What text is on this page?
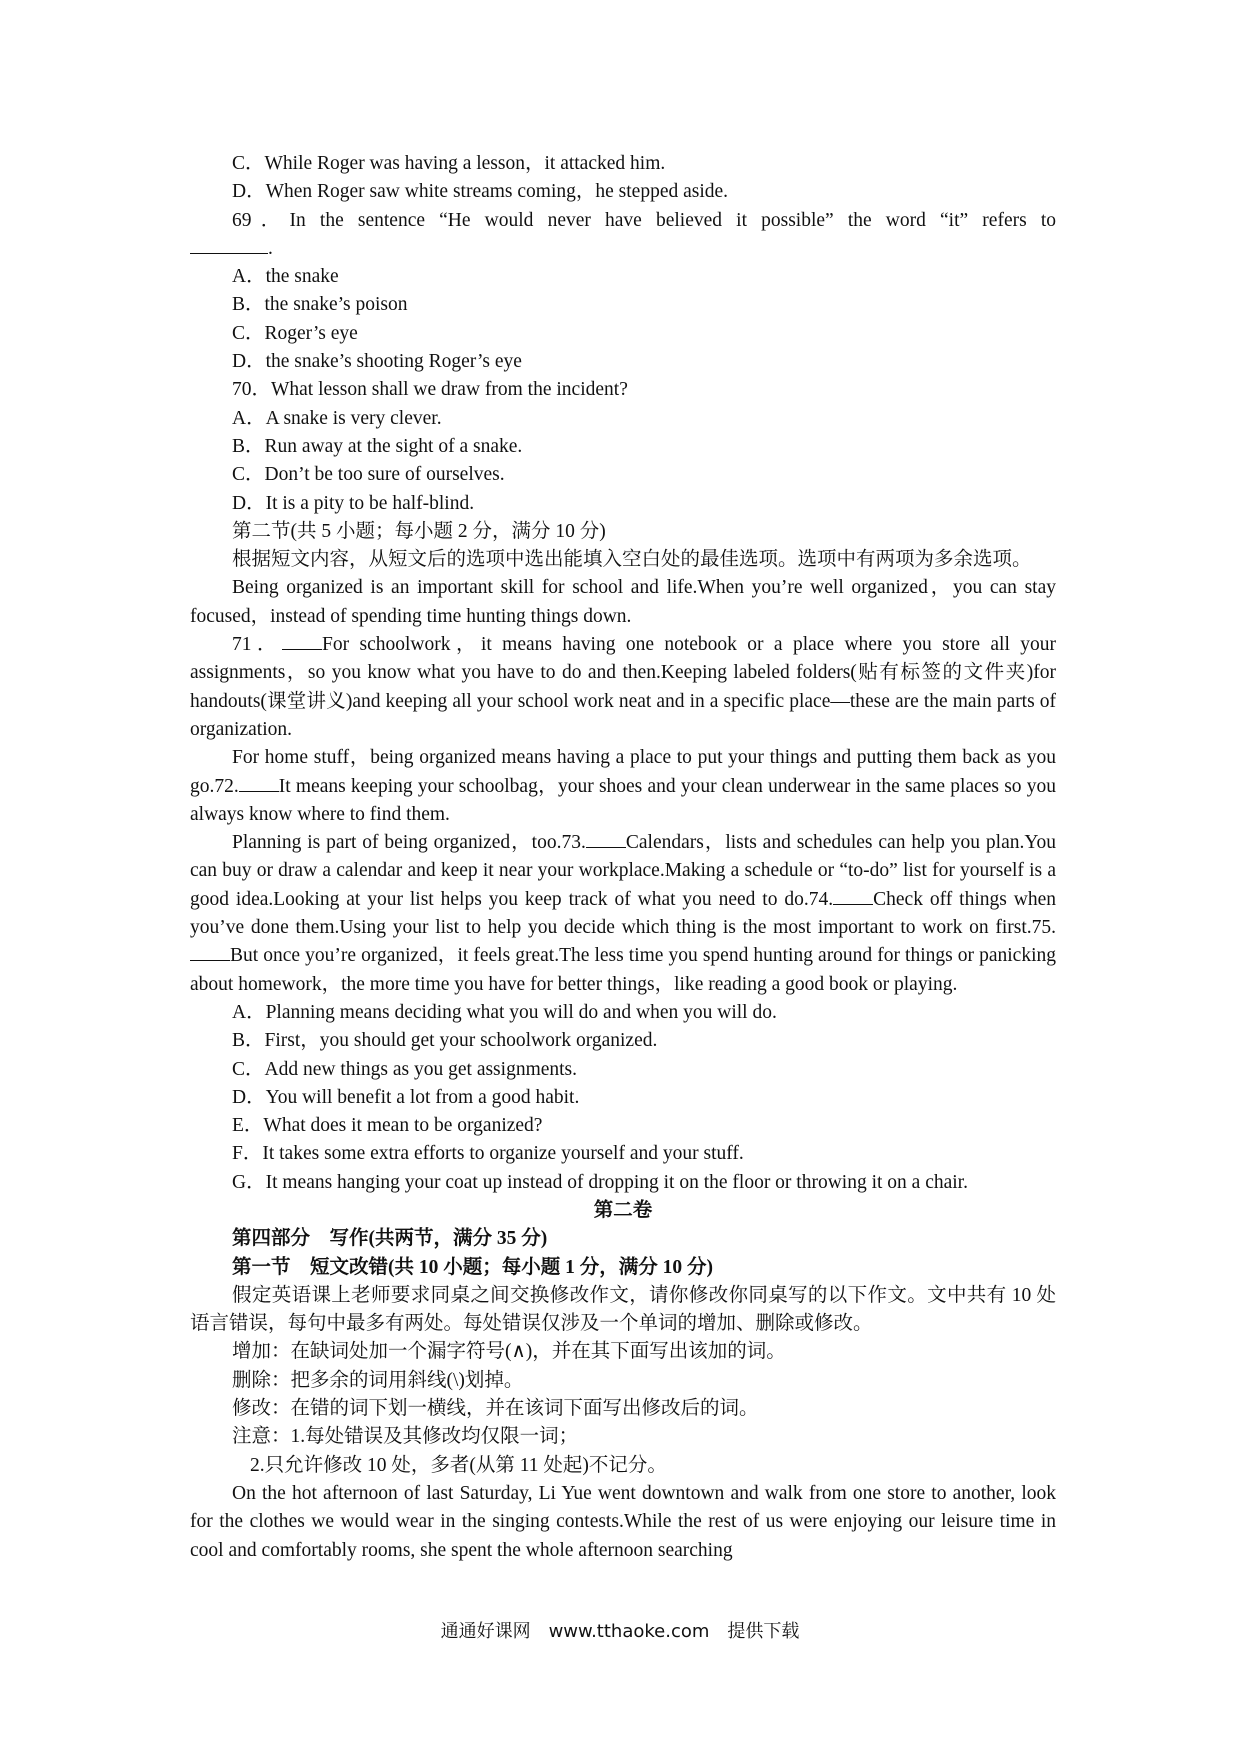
C．While Roger was having a lesson，it attacked him.
D．When Roger saw white streams coming，he stepped aside.
69．In the sentence “He would never have believed it possible” the word “it” refers to
.
A．the snake
B．the snake’s poison
C．Roger’s eye
D．the snake’s shooting Roger’s eye
70．What lesson shall we draw from the incident?
A．A snake is very clever.
B．Run away at the sight of a snake.
C．Don’t be too sure of ourselves.
D．It is a pity to be half-blind.
第二节(共 5 小题；每小题 2 分，满分 10 分)
根据短文内容，从短文后的选项中选出能填入空白处的最佳选项。选项中有两项为多余选项。
Being organized is an important skill for school and life.When you’re well organized，you can stay focused，instead of spending time hunting things down.
71． For schoolwork，it means having one notebook or a place where you store all your assignments，so you know what you have to do and then.Keeping labeled folders(贴有标签的文件夹)for handouts(课堂讲义)and keeping all your school work neat and in a specific place—these are the main parts of organization.
For home stuff，being organized means having a place to put your things and putting them back as you go.72. It means keeping your schoolbag，your shoes and your clean underwear in the same places so you always know where to find them.
Planning is part of being organized，too.73. Calendars，lists and schedules can help you plan.You can buy or draw a calendar and keep it near your workplace.Making a schedule or “to-do” list for yourself is a good idea.Looking at your list helps you keep track of what you need to do.74. Check off things when you’ve done them.Using your list to help you decide which thing is the most important to work on first.75.But once you’re organized，it feels great.The less time you spend hunting around for things or panicking about homework，the more time you have for better things，like reading a good book or playing.
A．Planning means deciding what you will do and when you will do.
B．First，you should get your schoolwork organized.
C．Add new things as you get assignments.
D．You will benefit a lot from a good habit.
E．What does it mean to be organized?
F．It takes some extra efforts to organize yourself and your stuff.
G．It means hanging your coat up instead of dropping it on the floor or throwing it on a chair.
第二卷
第四部分　写作(共两节，满分 35 分)
第一节　短文改错(共 10 小题；每小题 1 分，满分 10 分)
假定英语课上老师要求同桌之间交换修改作文，请你修改你同桌写的以下作文。文中共有 10 处语言错误，每句中最多有两处。每处错误仅涉及一个单词的增加、删除或修改。
增加：在缺词处加一个漏字符号(∧)，并在其下面写出该加的词。
删除：把多余的词用斜线(\)划掉。
修改：在错的词下划一横线，并在该词下面写出修改后的词。
注意：1.每处错误及其修改均仅限一词；
2.只允许修改 10 处，多者(从第 11 处起)不记分。
On the hot afternoon of last Saturday, Li Yue went downtown and walk from one store to another, look for the clothes we would wear in the singing contests.While the rest of us were enjoying our leisure time in cool and comfortably rooms, she spent the whole afternoon searching
通通好课网　www.tthaoke.com　提供下载
